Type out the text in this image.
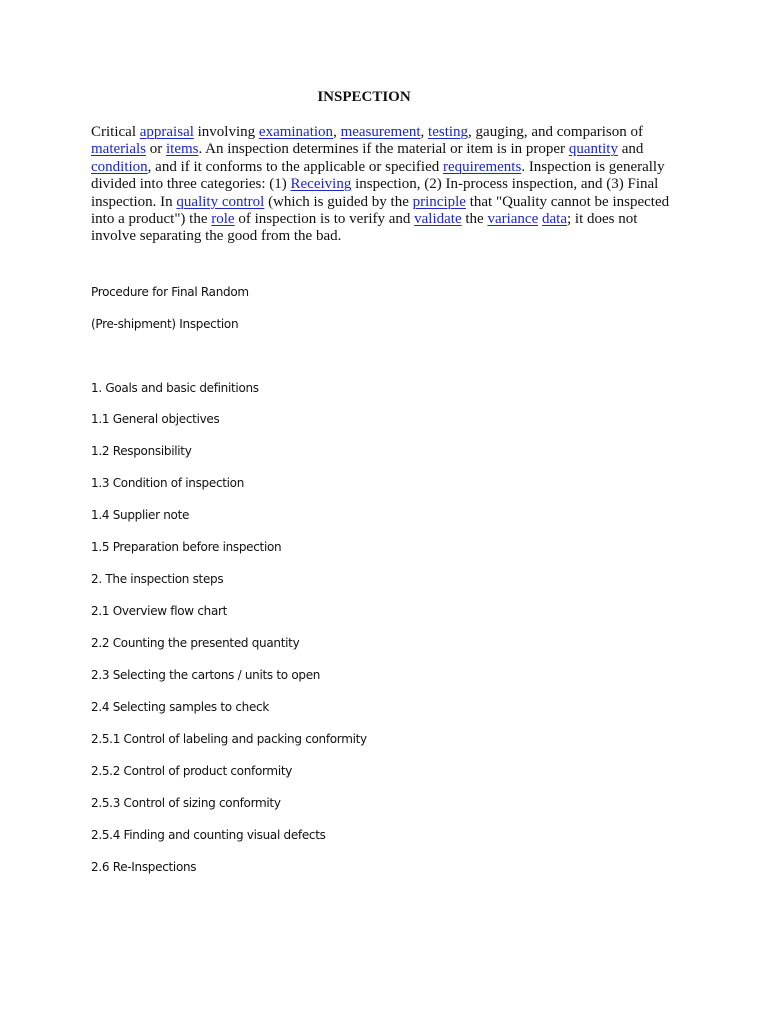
INSPECTION

Critical appraisal involving examination, measurement, testing, gauging, and comparison of
materials or items. An inspection determines if the material or item is in proper quantity and
condition, and if it conforms to the applicable or specified requirements. Inspection is generally
divided into three categories: (1) Receiving inspection, (2) In-process inspection, and (3) Final
inspection. In quality control (which is guided by the principle that "Quality cannot be inspected
into a product") the role of inspection is to verify and validate the variance data; it does not
involve separating the good from the bad.

Procedure for Final Random
(Pre-shipment) Inspection
1. Goals and basic definitions
1.1 General objectives
1.2 Responsibility
1.3 Condition of inspection
1.4 Supplier note
1.5 Preparation before inspection
2. The inspection steps
2.1 Overview flow chart
2.2 Counting the presented quantity
2.3 Selecting the cartons / units to open
2.4 Selecting samples to check
2.5.1 Control of labeling and packing conformity
2.5.2 Control of product conformity
2.5.3 Control of sizing conformity
2.5.4 Finding and counting visual defects
2.6 Re-Inspections
